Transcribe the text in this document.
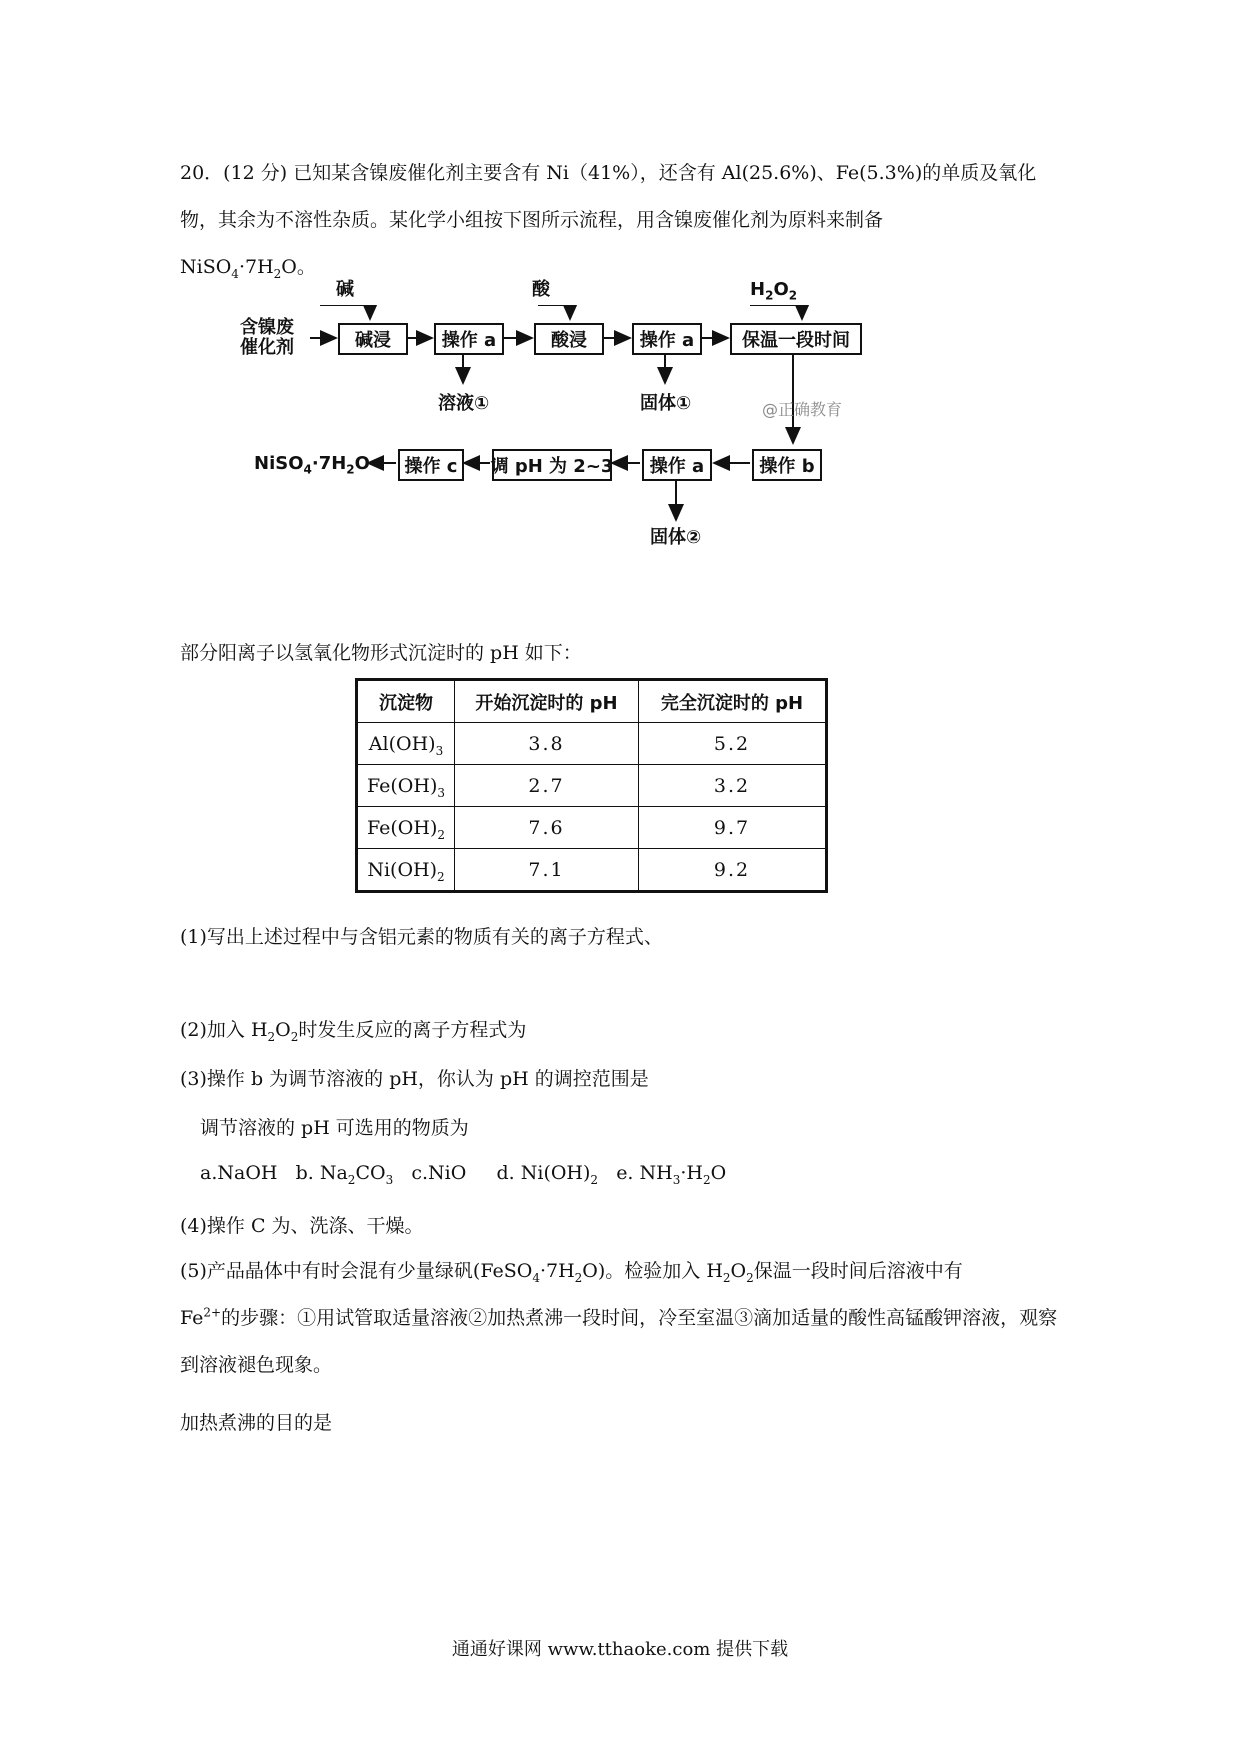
20．(12 分) 已知某含镍废催化剂主要含有 Ni（41%），还含有 Al(25.6%)、Fe(5.3%)的单质及氧化物，其余为不溶性杂质。某化学小组按下图所示流程，用含镍废催化剂为原料来制备
$NiSO_4\cdot 7H_2O$。
含镍废
催化剂
碱	酸	$H_2O_2$
碱浸	操作 a	酸浸	操作 a	保温一段时间
溶液①	固体①	@正确教育
操作 b
操作 a
调 pH 为 2~3
操作 c
$NiSO_4\cdot 7H_2O$
固体②
部分阳离子以氢氧化物形式沉淀时的 pH 如下：
沉淀物	开始沉淀时的 pH	完全沉淀时的 pH
$Al(OH)_3$	3.8	5.2
$Fe(OH)_3$	2.7	3.2
$Fe(OH)_2$	7.6	9.7
$Ni(OH)_2$	7.1	9.2
(1)写出上述过程中与含铝元素的物质有关的离子方程式、
(2)加入 $H_2O_2$时发生反应的离子方程式为
(3)操作 b 为调节溶液的 pH，你认为 pH 的调控范围是
调节溶液的 pH 可选用的物质为
a.NaOH b. $Na_2CO_3$ c.NiO d. $Ni(OH)_2$ e. $NH_3\cdot H_2O$
(4)操作 C 为、洗涤、干燥。
(5)产品晶体中有时会混有少量绿矾$(FeSO_4\cdot 7H_2O)$。检验加入 $H_2O_2$保温一段时间后溶液中有
$Fe^{2+}$的步骤：①用试管取适量溶液②加热煮沸一段时间，冷至室温③滴加适量的酸性高锰酸钾溶液，观察到溶液褪色现象。
加热煮沸的目的是
通通好课网 www.tthaoke.com 提供下载
